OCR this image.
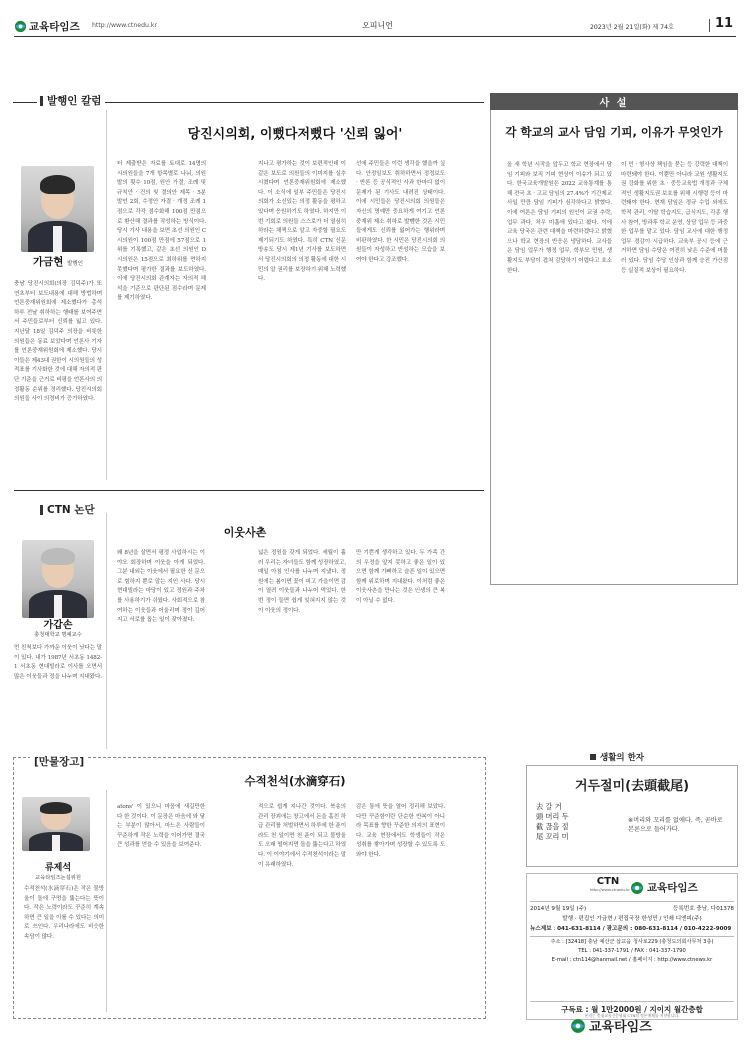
교육타임즈 http://www.ctnedu.kr	오피니언	2023년 2월 21일(화) 제 74호	11
발행인 칼럼
당진시의회, 이뻤다저뻤다 '신뢰 잃어'
가금현 발행인
충남 당진시의회(의장 김덕주)가 또 연초부터 보도내용에 대해 방법하며 언론중재위원회에 제소했다가 총석 하루 전날 취하하는 행태를 보여주면서 주민들로부터 신뢰를 잃고 있다. 지난달 18일 김덕주 의장을 비롯한 의원들은 동료 보았다며 언론사 기자를 언론중재위원회에 제소했다. 당시 이들은 제43대 권한이 시의원들의 성적표를 기사화한 것에 대해 자의적 판단 기준을 근거로 비평을 언론사의 의정활동 순위를 정리했다. 당진시의회 의원들 사이 의정비가 증가하였다.
터 제출받은 자료를 토대로 14명의 시의원들을 7개 항목별로 나눠, 의원 발의 횟수 10점, 원안 가결, 조례 및 규칙안 · 건의 및 결의안 제목 · 5분 발언 2회, 수정안 가결 · 개정 조례 1점으로 각각 점수화해 100점 만점으로 환산해 결과를 작성하는 방식이다. 당시 기사 내용을 보면 초선 의원인 C 시의원이 100점 만점에 57점으로 1위를 기록했고, 같은 초선 의원인 D 시의원은 15점으로 최하위를 면하지 못했다며 평가한 결과를 보도하였다. 이에 당진시의회 관계자는 자의적 해석을 기준으로 판단된 점수라며 문제를 제기하였다.
지나고 평가하는 것이 보편적인데 이 같은 보도로 의원들의 이미지를 실추시켰다며 언론중재위원회에 제소했다. 이 소식에 일부 주민들은 당진시의회가 소신있는 의정 활동을 평하고 있다며 응원하기도 하였다. 하지만 이번 기회로 의원들 스스로가 더 열심히 하라는 채찍으로 알고 자중할 필요도 제기되기도 하였다. 특히 CTN 신문방송도 당시 제1년 기사를 보도하면서 당진시의회의 의정 활동에 대한 시민의 알 권리를 보장하기 위해 노력했다.
선에 주민들은 이런 생각을 했을까 싶다. 안정일보도 취하하면서 정정보도 · 반론 등 공식적인 사과 한마디 없이 문제가 된 기사도 내려진 상태이다. 이에 시민들은 당진시의회 의원들은 자신의 명예만 중요하게 여기고 언론중재위 제소 취하로 발뺌한 것은 시민들에게도 신뢰를 잃어가는 행위라며 비판하였다. 한 시민은 당진시의회 의원들이 자성하고 반성하는 모습을 보여야 한다고 강조했다.
사 설
각 학교의 교사 담임 기피, 이유가 무엇인가
올 새 학년 시작을 앞두고 학교 현장에서 담임 기피와 보직 기피 현상이 이슈가 되고 있다. 한국교육개발원은 2022 교육통계를 통해 전국 초 · 고교 담임의 27.4%가 기간제교사일 만큼 담임 기피가 심각하다고 밝혔다. 이에 여론은 담임 기피의 원인이 교권 추락, 업무 과다, 처우 미흡에 있다고 봤다. 이에 교육 당국은 관련 대책을 마련하겠다고 밝혔으나 학교 현장의 반응은 냉담하다. 교사들은 담임 업무가 행정 업무, 학부모 민원, 생활지도 부담이 겹쳐 감당하기 어렵다고 호소한다.
이 민 · 형사상 책임을 묻는 등 강력한 대책이 마련돼야 한다. 이뿐만 아니라 교원 생활지도권 강화를 위한 초 · 중등교육법 개정과 구체적인 생활지도권 보호를 위해 시행령 등이 마련돼야 한다. 현재 담임은 정규 수업 외에도 학적 관리, 이탈 학습지도, 급식지도, 각종 행사 참여, 방과후 학교 운영, 상담 업무 등 과중한 업무를 맡고 있다. 담임 교사에 대한 행정 업무 경감이 시급하다. 교육부 공시 등에 근거하면 담임 수당은 여전히 낮은 수준에 머물러 있다. 담임 수당 인상과 함께 승진 가산점 등 실질적 보상이 필요하다.
CTN 논단
이웃사촌
가갑손
충청대학교 명예교수
먼 친척보다 가까운 이웃이 낫다는 말이 있다. 내가 1987년 서초동 1482-1 서초동 현대빌라로 이사를 오면서 많은 이웃들과 정을 나누며 지내왔다.
왜 8년을 살면서 평정 사업하시는 이야오 회장하며 이웃을 아게 되었다. 그분 내외는 이웃에서 필요한 신 문으로 힘하지 뿐로 알는 지인 사다. 당시 현대빌라는 마당이 있고 정원과 주차를 사용하기가 쉬웠다. 사회적으로 참여하는 이웃들과 어울리며 정이 깊어지고 서로를 돕는 일이 잦아졌다.
넓은 정원을 갖게 되었다. 세월이 흘러 우리는 자녀들도 함께 성장하였고, 매일 아침 인사를 나누며 지냈다. 정원에는 봄이면 꽃이 피고 가을이면 감이 열려 이웃들과 나누어 먹었다. 한 번 정이 들면 쉽게 잊혀지지 않는 것이 이웃의 정이다.
만 기쁜게 생각하고 있다. 두 가족 간의 우정을 앞지 못하고 좋은 일이 있으면 함께 기뻐하고 슬픈 일이 있으면 함께 위로하며 지내왔다. 이처럼 좋은 이웃사촌을 만나는 것은 인생의 큰 복이 아닐 수 없다.
[만물장고]
수적천석(水滴穿石)
류제석
교육타임즈논설위원
수적천석(水滴穿石)은 작은 물방울이 돌에 구멍을 뚫는다는 뜻이다. 작은 노력이라도 꾸준히 계속하면 큰 일을 이룰 수 있다는 의미로 쓰인다. 우리나라에도 비슷한 속담이 많다.
atons' 이 있으니 마음에 새길만한 다 한 것이다. 이 문장은 마음에 와 닿는 부분이 많아서, 마느은 사람들이 꾸준하게 작은 노력을 이어가면 결국 큰 성과를 얻을 수 있음을 보여준다.
적으로 쉽게 지나간 것이다. 북송의 관리 장괴애는 창고에서 돈을 훔친 하급 관리를 처벌하면서 하루에 한 푼이라도 천 일이면 천 푼이 되고 물방울도 오래 떨어지면 돌을 뚫는다고 하였다. 이 이야기에서 수적천석이라는 말이 유래하였다.
감은 통에 뜻을 열어 정리해 보았다. 다만 꾸준함이란 단순한 반복이 아니라 목표를 향한 꾸준한 의지의 표현이다. 교육 현장에서도 학생들이 작은 성취를 쌓아가며 성장할 수 있도록 도와야 한다.
생활의 한자
거두절미(去頭截尾)
去 갈 거
頭 머리 두
截 끊을 절
尾 꼬리 미
※머리와 꼬리를 없애다. 즉, 곧바로 본론으로 들어가다.
CTN
http://www.ctnedu.kr 교육타임즈
2014년 9월 19일 (주)	등록번호 충남, 다01378
발행 · 편집인 가금현 / 편집국장 한성민 / 인쇄 디엔피(주)
뉴스제보 : 041-631-8114 / 광고문의 : 080-631-8114 / 010-4222-9009
주소 : [32418] 충남 예산군 삽교읍 청사로229 (충청도의회사무처 3층)
TEL : 041-337-1791 / FAX : 041-337-1790
E-mail : ctn114@hanmail.net / 홈페이지 : http://www.ctnews.kr
구독료 : 월 1만2000원 / 지이지 월간층합
본지는 충청교육신문협회 CTN의 정론매체를 지향합니다.
교육타임즈
